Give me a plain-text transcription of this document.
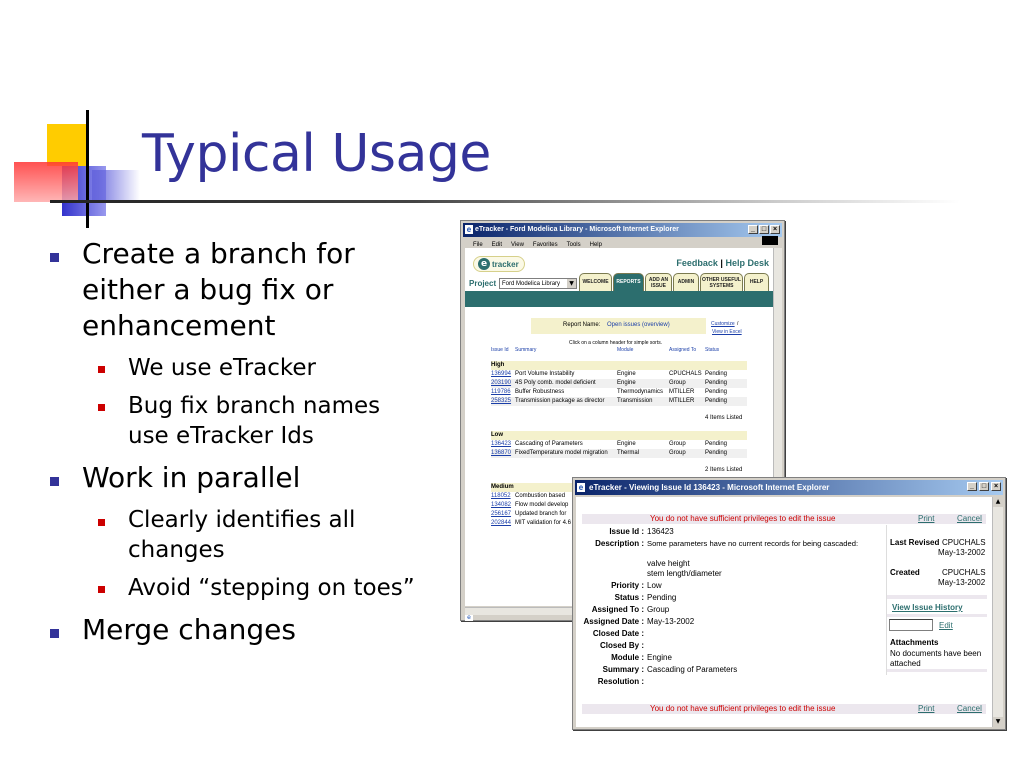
Typical Usage
Create a branch for
either a bug fix or
enhancement
We use eTracker
Bug fix branch names
use eTracker Ids
Work in parallel
Clearly identifies all
changes
Avoid “stepping on toes”
Merge changes
e eTracker - Ford Modelica Library - Microsoft Internet Explorer	_ □ ×
File Edit View Favorites Tools Help
e tracker	Feedback | Help Desk
Project Ford Modelica Library	▼	WELCOME	REPORTS	ADD AN ISSUE
ADMIN	OTHER USEFUL SYSTEMS
HELP
Report Name: Open issues (overview)	Customize /
View in Excel
Click on a column header for simple sorts.
Issue Id Summary	Module	Assigned To Status
High
136994 Port Volume Instability	Engine	CPUCHALS Pending
203190 4S Poly comb. model deficient	Engine	Group	Pending
119786 Buffer Robustness	Thermodynamics MTILLER Pending
258325 Transmission package as director Transmission	MTILLER Pending
4 Items Listed
Low
136423 Cascading of Parameters	Engine	Group	Pending
136870 FixedTemperature model migration Thermal	Group	Pending
2 Items Listed
Medium
118052 Combustion based
134082 Flow model develop
256167 Updated branch for
202844 MIT validation for 4.6
e
e eTracker - Viewing Issue Id 136423 - Microsoft Internet Explorer	_	□	×
You do not have sufficient privileges to edit the issue	Print	Cancel
Issue Id : 136423
Description : Some parameters have no current records for being cascaded:
valve height
stem length/diameter
Priority : Low
Status : Pending
Assigned To : Group
Assigned Date : May-13-2002
Closed Date :
Closed By :
Module : Engine
Summary : Cascading of Parameters
Resolution :
Last Revised CPUCHALS
May-13-2002
Created	CPUCHALS
May-13-2002
View Issue History
Edit
Attachments
No documents have been
attached
You do not have sufficient privileges to edit the issue	Print	Cancel
▲
▼
